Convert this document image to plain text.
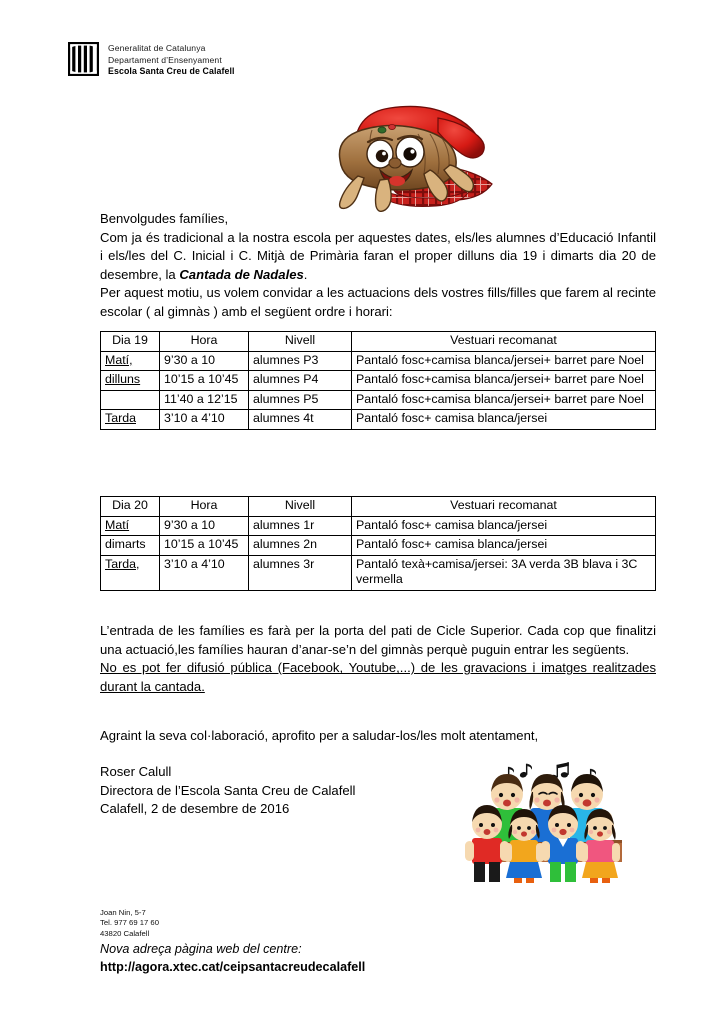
Generalitat de Catalunya
Departament d’Ensenyament
Escola Santa Creu de Calafell

Benvolgudes famílies,

Com ja és tradicional a la nostra escola per aquestes dates, els/les alumnes d’Educació Infantil i els/les del C. Inicial i C. Mitjà de Primària faran el proper dilluns dia 19 i dimarts dia 20 de desembre, la Cantada de Nadales.

Per aquest motiu, us volem convidar a les actuacions dels vostres fills/filles que farem al recinte escolar ( al gimnàs ) amb el següent ordre i horari:

Dia 19	Hora	Nivell	Vestuari recomanat
Matí,	9’30 a 10	alumnes P3	Pantaló fosc+camisa blanca/jersei+ barret pare Noel
dilluns	10’15 a 10’45	alumnes P4	Pantaló fosc+camisa blanca/jersei+ barret pare Noel
	11’40 a 12’15	alumnes P5	Pantaló fosc+camisa blanca/jersei+ barret pare Noel
Tarda	3’10 a 4’10	alumnes 4t	Pantaló fosc+ camisa blanca/jersei
Dia 20	Hora	Nivell	Vestuari recomanat
Matí	9’30 a 10	alumnes 1r	Pantaló fosc+ camisa blanca/jersei
dimarts	10’15 a 10’45	alumnes 2n	Pantaló fosc+ camisa blanca/jersei
Tarda,	3’10 a 4’10	alumnes 3r	Pantaló texà+camisa/jersei: 3A verda 3B blava i 3C vermella

L’entrada de les famílies es farà per la porta del pati de Cicle Superior. Cada cop que finalitzi una actuació,les famílies hauran d’anar-se’n del gimnàs perquè puguin entrar les següents.

No es pot fer difusió pública (Facebook, Youtube,...) de les gravacions i imatges realitzades durant la cantada.

Agraint la seva col·laboració, aprofito per a saludar-los/les molt atentament,
Roser Calull
Directora de l’Escola Santa Creu de Calafell
Calafell, 2 de desembre de 2016
Joan Nin, 5-7
Tel. 977 69 17 60
43820 Calafell
Nova adreça pàgina web del centre:
http://agora.xtec.cat/ceipsantacreudecalafell
